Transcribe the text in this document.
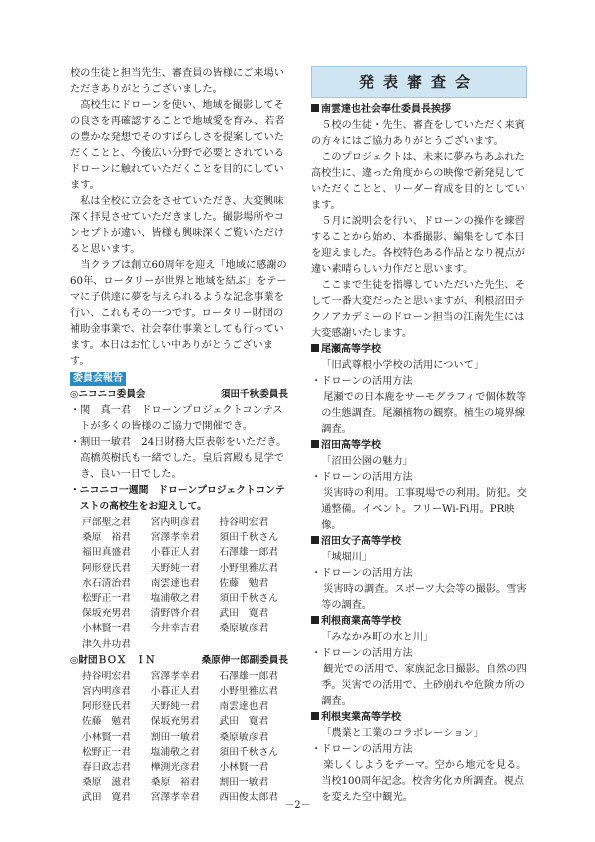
校の生徒と担当先生、審査員の皆様にご来場いただきありがとうございました。

高校生にドローンを使い、地域を撮影してその良さを再確認することで地域愛を育み、若者の豊かな発想でそのすばらしさを提案していただくことと、今後広い分野で必要とされているドローンに触れていただくことを目的にしています。

私は全校に立会をさせていただき、大変興味深く拝見させていただきました。撮影場所やコンセプトが違い、皆様も興味深くご覧いただけると思います。

当クラブは創立60周年を迎え「地域に感謝の60年、ロータリーが世界と地域を結ぶ」をテーマに子供達に夢を与えられるような記念事業を行い、これもその一つです。ロータリー財団の補助金事業で、社会奉仕事業としても行っています。本日はお忙しい中ありがとうございます。

委員会報告
◎ニコニコ委員会	須田千秋委員長

・関　真一君　ドローンプロジェクトコンテストが多くの皆様のご協力で開催でき。

・割田一敏君　24日財務大臣表彰をいただき。高橋英樹氏も一緒でした。皇后宮殿も見学でき、良い一日でした。

・ニコニコ一週間　ドローンプロジェクトコンテストの高校生をお迎えして。

戸部聖之君	宮内明彦君	持谷明宏君
桑原　裕君	宮澤孝幸君	須田千秋さん
福田真盛君	小暮正人君	石澤雄一郎君
阿形登氏君	天野純一君	小野里雅広君
水石清治君	南雲達也君	佐藤　勉君
松野正一君	塩浦敬之君	須田千秋さん
保坂充男君	清野啓介君	武田　寛君
小林賢一君	今井幸吉君	桑原敏彦君
津久井功君
◎財団ＢＯＸ　ＩＮ	桑原伸一郎副委員長
持谷明宏君	宮澤孝幸君	石澤雄一郎君
宮内明彦君	小暮正人君	小野里雅広君
阿形登氏君	天野純一君	南雲達也君
佐藤　勉君	保坂充男君	武田　寛君
小林賢一君	割田一敏君	桑原敏彦君
松野正一君	塩浦敬之君	須田千秋さん
春日政志君	樺渕光彦君	小林賢一君
桑原　滋君	桑原　裕君	割田一敏君
武田　寛君	宮澤孝幸君	西田俊太郎君
発表審査会
南雲達也社会奉仕委員長挨拶

５校の生徒・先生、審査をしていただく来賓の方々にはご協力ありがとうございます。

このプロジェクトは、未来に夢みちあふれた高校生に、違った角度からの映像で新発見していただくことと、リーダー育成を目的としています。

５月に説明会を行い、ドローンの操作を練習することから始め、本番撮影、編集をして本日を迎えました。各校特色ある作品となり視点が違い素晴らしい力作だと思います。

ここまで生徒を指導していただいた先生、そして一番大変だったと思いますが、利根沼田テクノアカデミーのドローン担当の江南先生には大変感謝いたします。

尾瀬高等学校

「旧武尊根小学校の活用について」

・ドローンの活用方法

尾瀬での日本鹿をサーモグラフィで個体数等の生態調査。尾瀬植物の観察。植生の境界線調査。

沼田高等学校

「沼田公園の魅力」

・ドローンの活用方法

災害時の利用。工事現場での利用。防犯。交通整備。イベント。フリーWi-Fi用。PR映像。

沼田女子高等学校

「城堀川」

・ドローンの活用方法

災害時の調査。スポーツ大会等の撮影。雪害等の調査。

利根商業高等学校

「みなかみ町の水と川」

・ドローンの活用方法

観光での活用で、家族記念日撮影。自然の四季。災害での活用で、土砂崩れや危険カ所の調査。

利根実業高等学校

「農業と工業のコラボレーション」

・ドローンの活用方法

楽しくしようをテーマ。空から地元を見る。当校100周年記念。校舎劣化カ所調査。視点を変えた空中観光。

－2－
